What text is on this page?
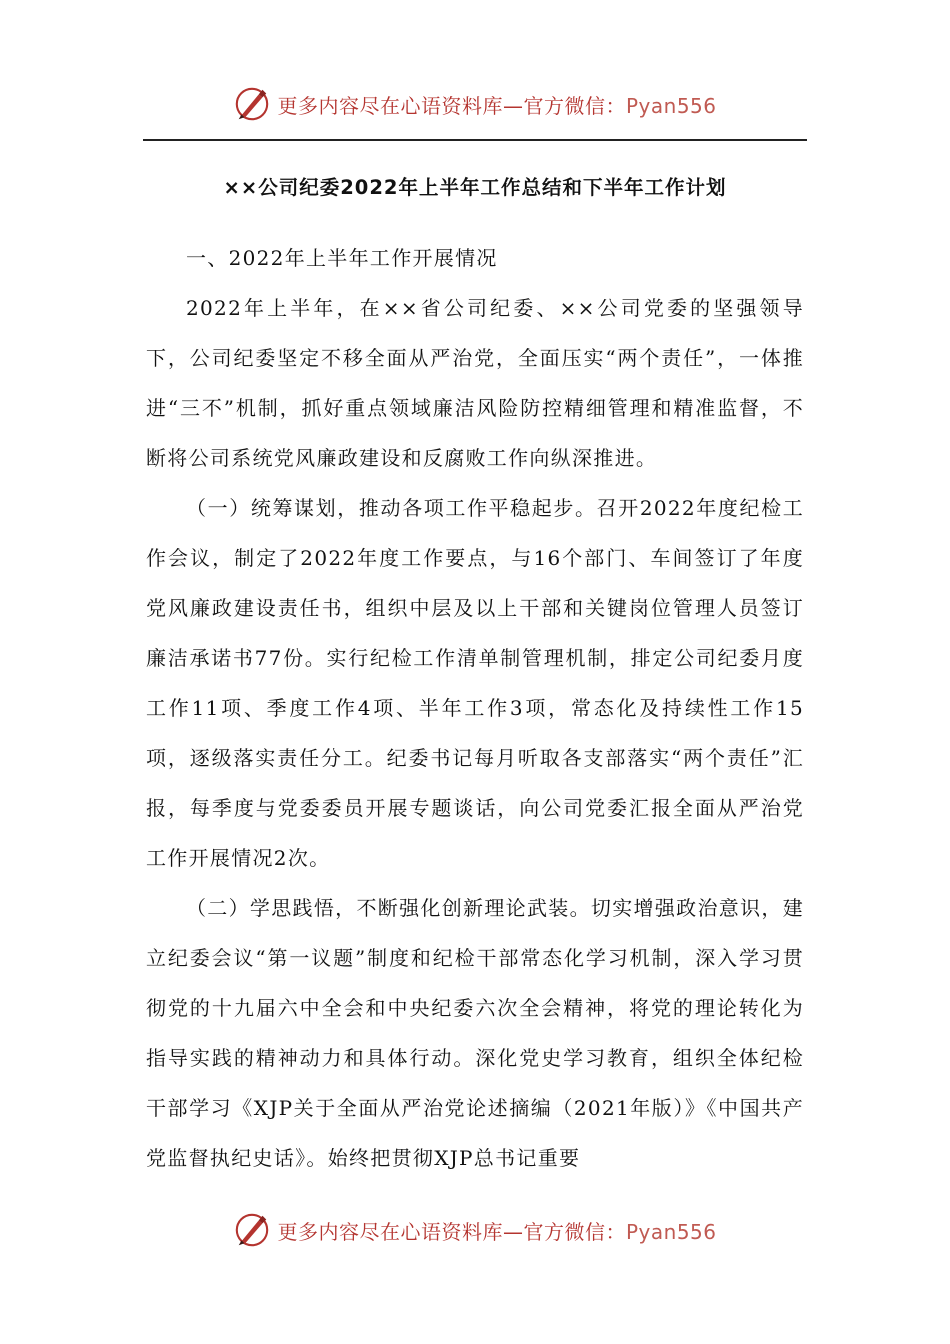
更多内容尽在心语资料库—官方微信：Pyan556
××公司纪委2022年上半年工作总结和下半年工作计划

一、2022年上半年工作开展情况

2022年上半年，在××省公司纪委、××公司党委的坚强领导下，公司纪委坚定不移全面从严治党，全面压实“两个责任”，一体推进“三不”机制，抓好重点领域廉洁风险防控精细管理和精准监督，不断将公司系统党风廉政建设和反腐败工作向纵深推进。

（一）统筹谋划，推动各项工作平稳起步。召开2022年度纪检工作会议，制定了2022年度工作要点，与16个部门、车间签订了年度党风廉政建设责任书，组织中层及以上干部和关键岗位管理人员签订廉洁承诺书77份。实行纪检工作清单制管理机制，排定公司纪委月度工作11项、季度工作4项、半年工作3项，常态化及持续性工作15项，逐级落实责任分工。纪委书记每月听取各支部落实“两个责任”汇报，每季度与党委委员开展专题谈话，向公司党委汇报全面从严治党工作开展情况2次。

（二）学思践悟，不断强化创新理论武装。切实增强政治意识，建立纪委会议“第一议题”制度和纪检干部常态化学习机制，深入学习贯彻党的十九届六中全会和中央纪委六次全会精神，将党的理论转化为指导实践的精神动力和具体行动。深化党史学习教育，组织全体纪检干部学习《XJP关于全面从严治党论述摘编（2021年版）》《中国共产党监督执纪史话》。始终把贯彻XJP总书记重要

更多内容尽在心语资料库—官方微信：Pyan556
